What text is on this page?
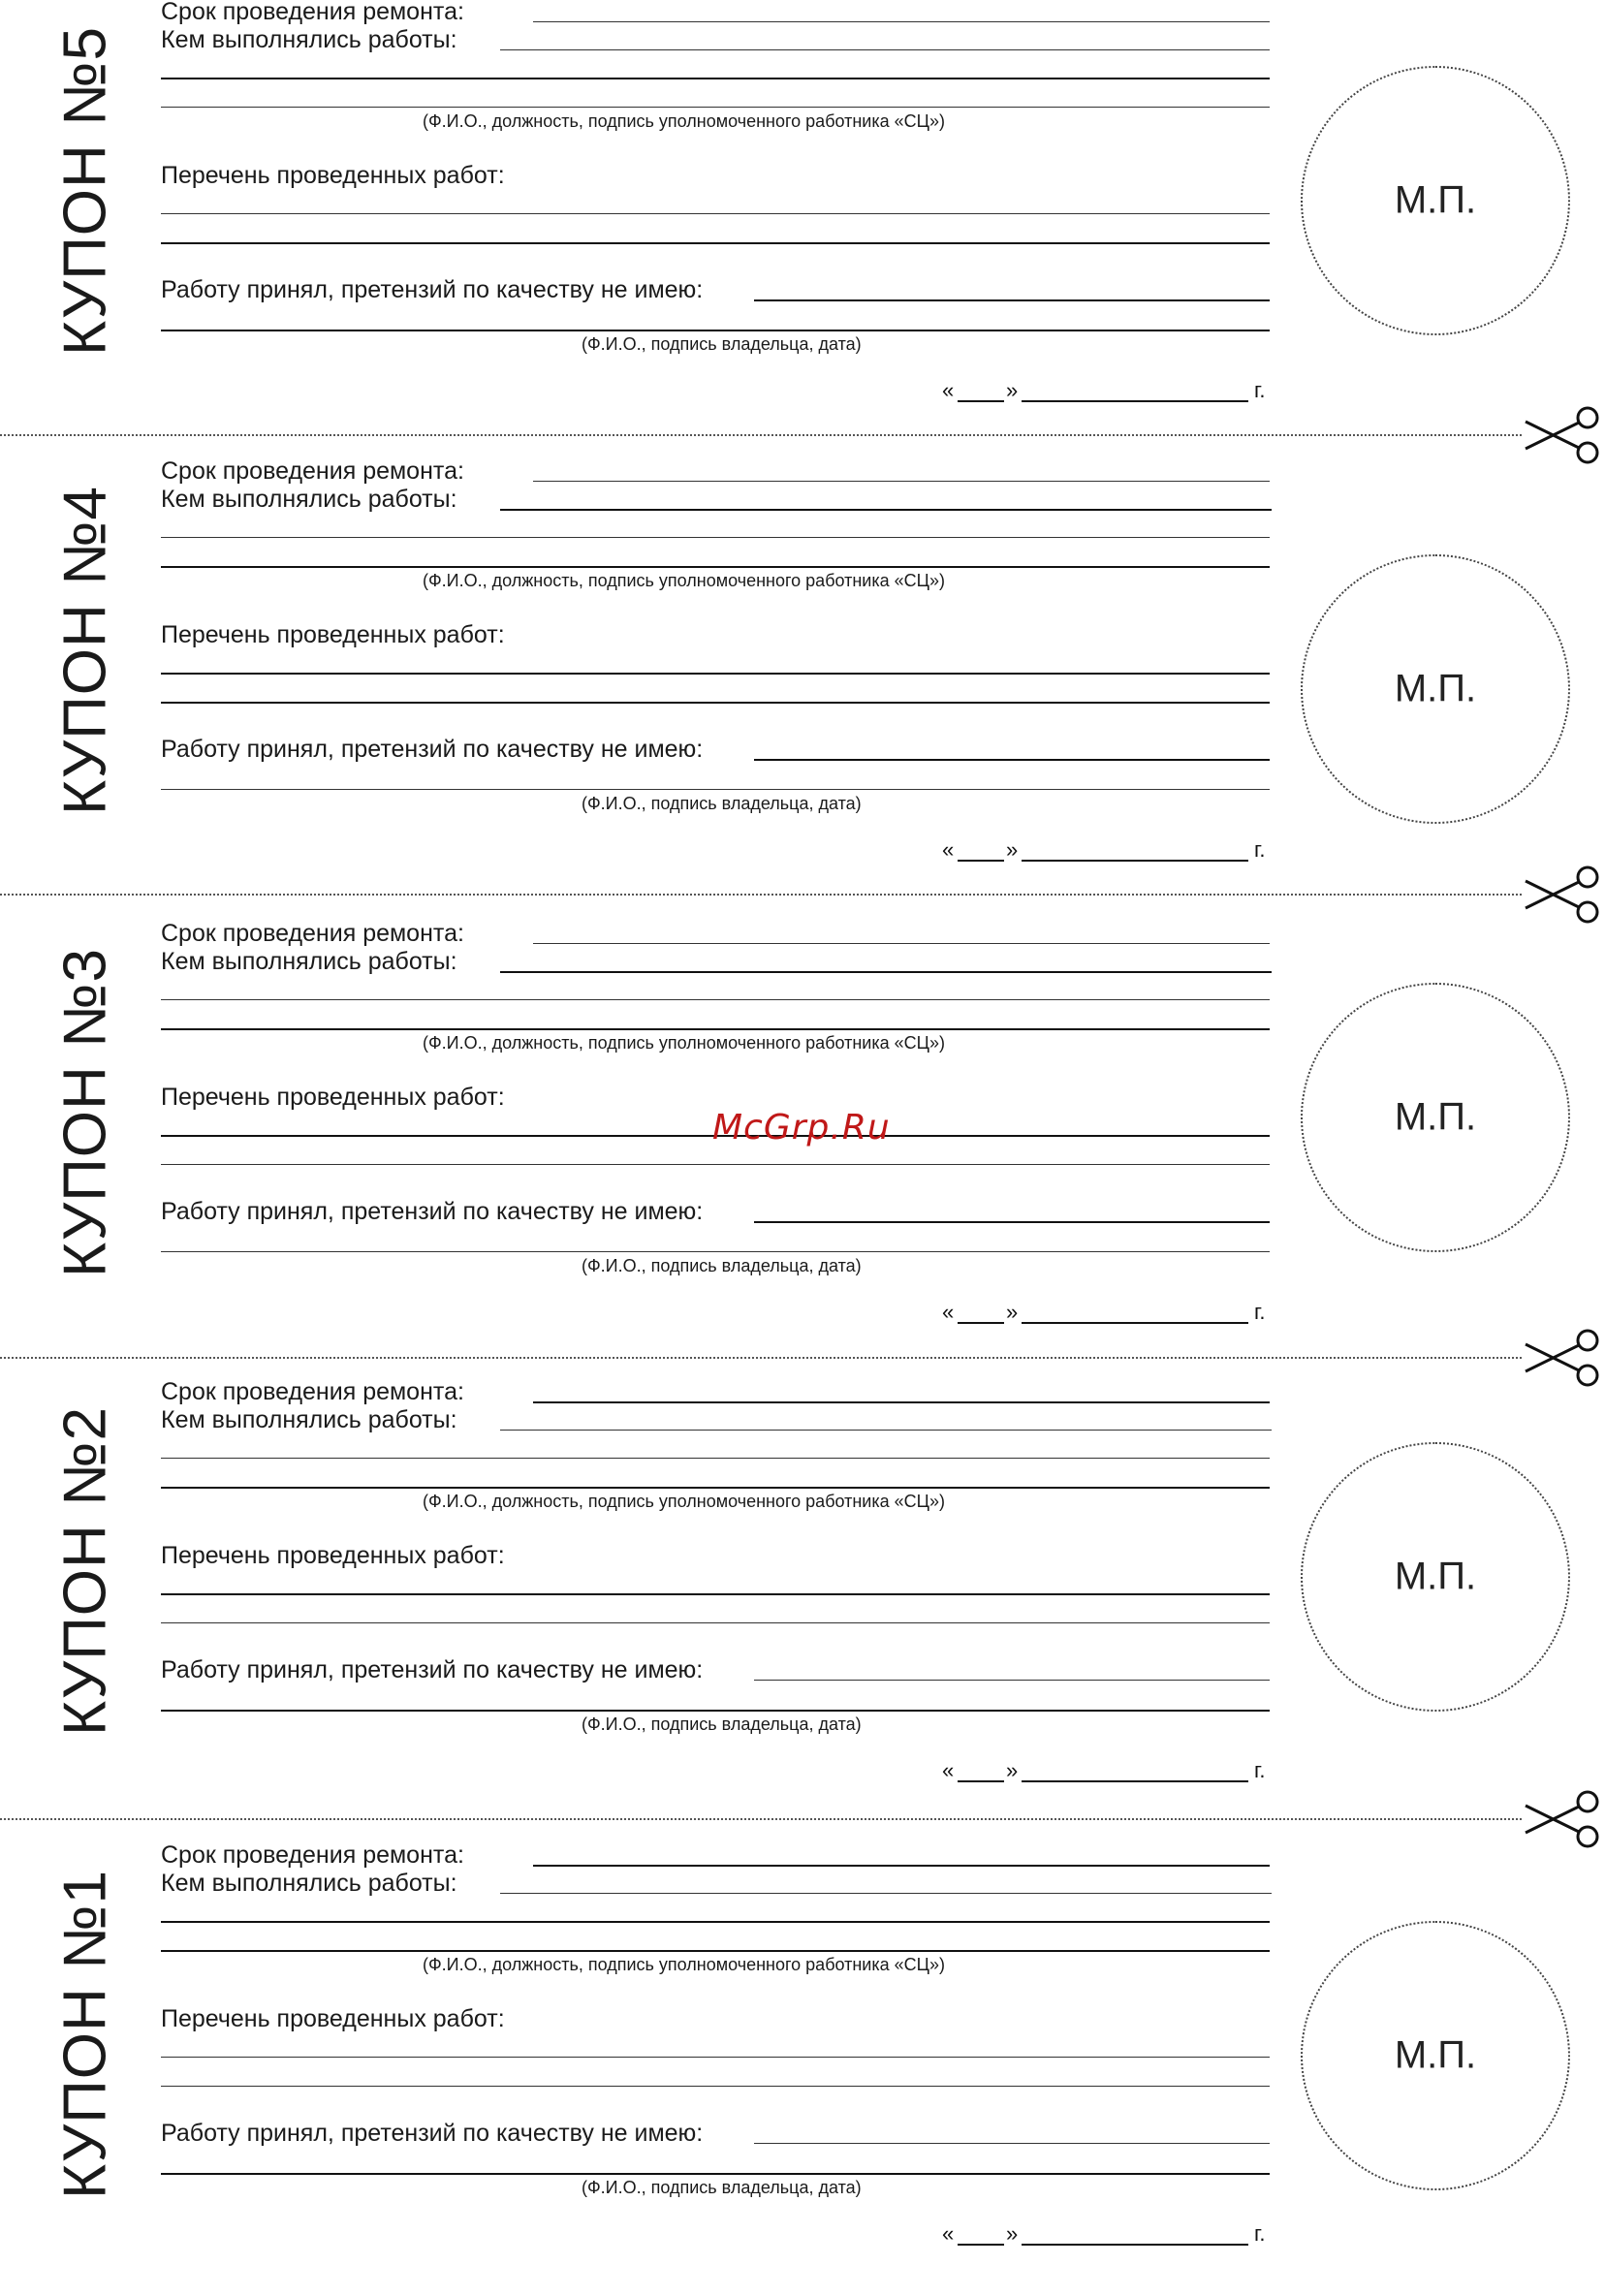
КУПОН №5
Срок проведения ремонта:
Кем выполнялись работы:
(Ф.И.О., должность, подпись уполномоченного работника «СЦ»)
Перечень проведенных работ:
Работу принял, претензий по качеству не имею:
(Ф.И.О., подпись владельца, дата)
М.П.
« »	г.
КУПОН №4
Срок проведения ремонта:
Кем выполнялись работы:
(Ф.И.О., должность, подпись уполномоченного работника «СЦ»)
Перечень проведенных работ:
Работу принял, претензий по качеству не имею:
(Ф.И.О., подпись владельца, дата)
М.П.
« »	г.
КУПОН №3
Срок проведения ремонта:
Кем выполнялись работы:
(Ф.И.О., должность, подпись уполномоченного работника «СЦ»)
Перечень проведенных работ:
Работу принял, претензий по качеству не имею:
(Ф.И.О., подпись владельца, дата)
М.П.
« »	г.
КУПОН №2
Срок проведения ремонта:
Кем выполнялись работы:
(Ф.И.О., должность, подпись уполномоченного работника «СЦ»)
Перечень проведенных работ:
Работу принял, претензий по качеству не имею:
(Ф.И.О., подпись владельца, дата)
М.П.
« »	г.
КУПОН №1
Срок проведения ремонта:
Кем выполнялись работы:
(Ф.И.О., должность, подпись уполномоченного работника «СЦ»)
Перечень проведенных работ:
Работу принял, претензий по качеству не имею:
(Ф.И.О., подпись владельца, дата)
М.П.
« »	г.
McGrp.Ru
